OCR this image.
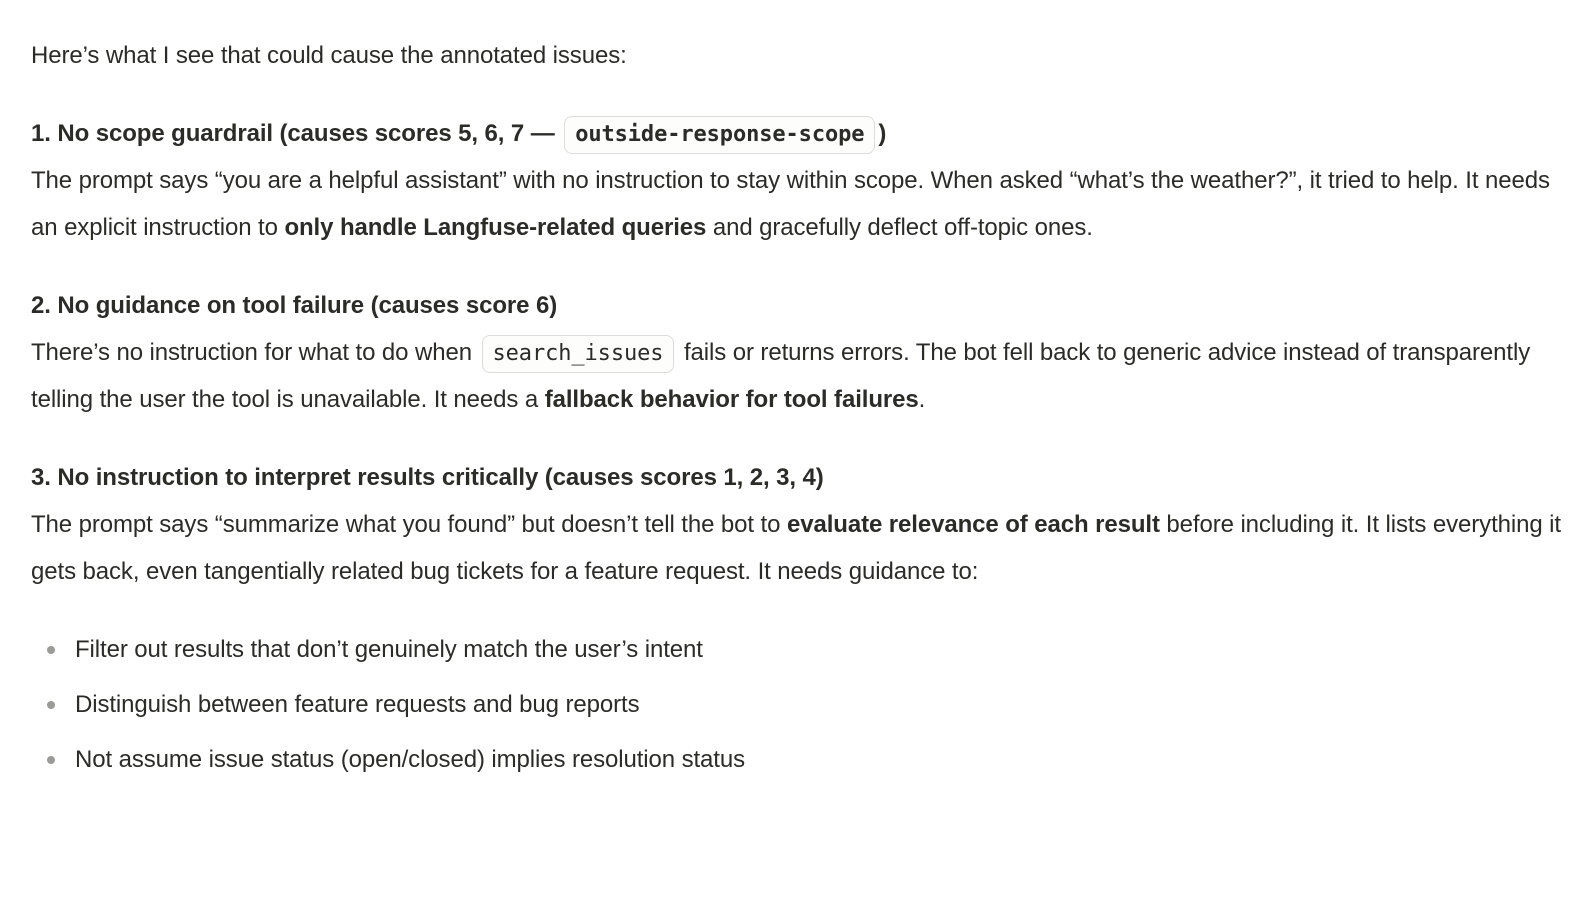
Here’s what I see that could cause the annotated issues:

1. No scope guardrail (causes scores 5, 6, 7 — outside-response-scope )
The prompt says “you are a helpful assistant” with no instruction to stay within scope. When asked “what’s the weather?”, it tried to help. It needs an explicit instruction to only handle Langfuse-related queries and gracefully deflect off-topic ones.
2. No guidance on tool failure (causes score 6)
There’s no instruction for what to do when search_issues fails or returns errors. The bot fell back to generic advice instead of transparently telling the user the tool is unavailable. It needs a fallback behavior for tool failures.
3. No instruction to interpret results critically (causes scores 1, 2, 3, 4)
The prompt says “summarize what you found” but doesn’t tell the bot to evaluate relevance of each result before including it. It lists everything it gets back, even tangentially related bug tickets for a feature request. It needs guidance to:
Filter out results that don’t genuinely match the user’s intent
Distinguish between feature requests and bug reports
Not assume issue status (open/closed) implies resolution status
